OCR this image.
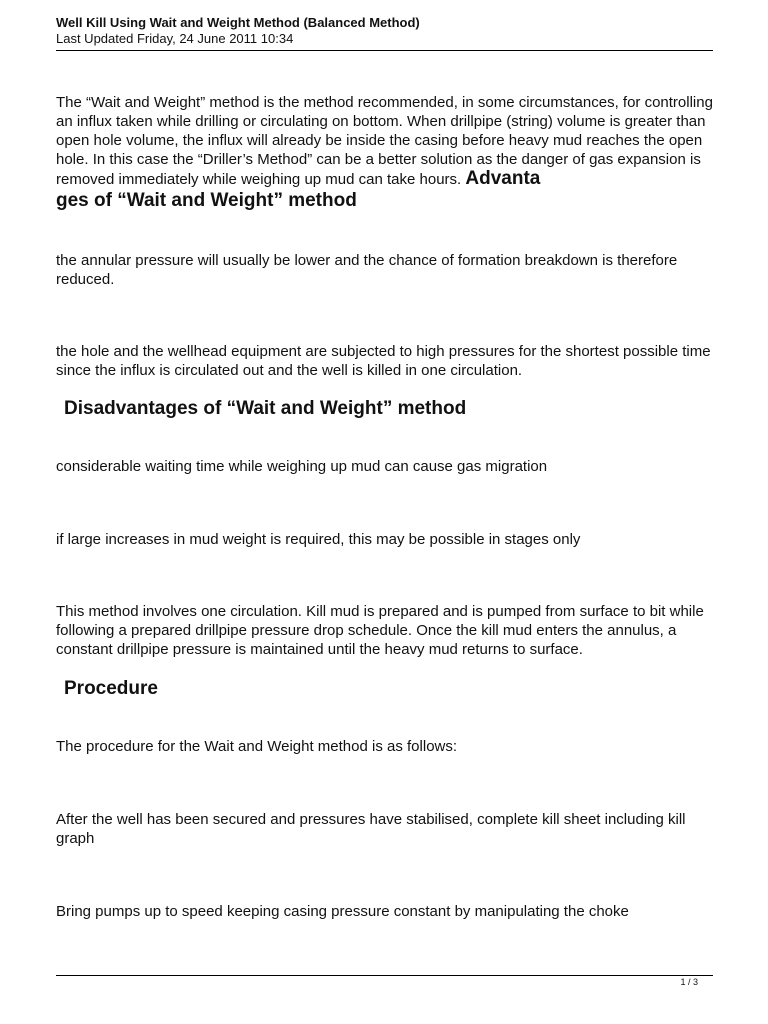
Well Kill Using Wait and Weight Method (Balanced Method)
Last Updated Friday, 24 June 2011 10:34

The “Wait and Weight” method is the method recommended, in some circumstances, for controlling an influx taken while drilling or circulating on bottom. When drillpipe (string) volume is greater than open hole volume, the influx will already be inside the casing before heavy mud reaches the open hole. In this case the “Driller’s Method” can be a better solution as the danger of gas expansion is removed immediately while weighing up mud can take hours. Advanta

ges of “Wait and Weight” method

the annular pressure will usually be lower and the chance of formation breakdown is therefore reduced.

the hole and the wellhead equipment are subjected to high pressures for the shortest possible time since the influx is circulated out and the well is killed in one circulation.

Disadvantages of “Wait and Weight” method

considerable waiting time while weighing up mud can cause gas migration

if large increases in mud weight is required, this may be possible in stages only

This method involves one circulation. Kill mud is prepared and is pumped from surface to bit while following a prepared drillpipe pressure drop schedule. Once the kill mud enters the annulus, a constant drillpipe pressure is maintained until the heavy mud returns to surface.

Procedure

The procedure for the Wait and Weight method is as follows:

After the well has been secured and pressures have stabilised, complete kill sheet including kill graph

Bring pumps up to speed keeping casing pressure constant by manipulating the choke

1 / 3
